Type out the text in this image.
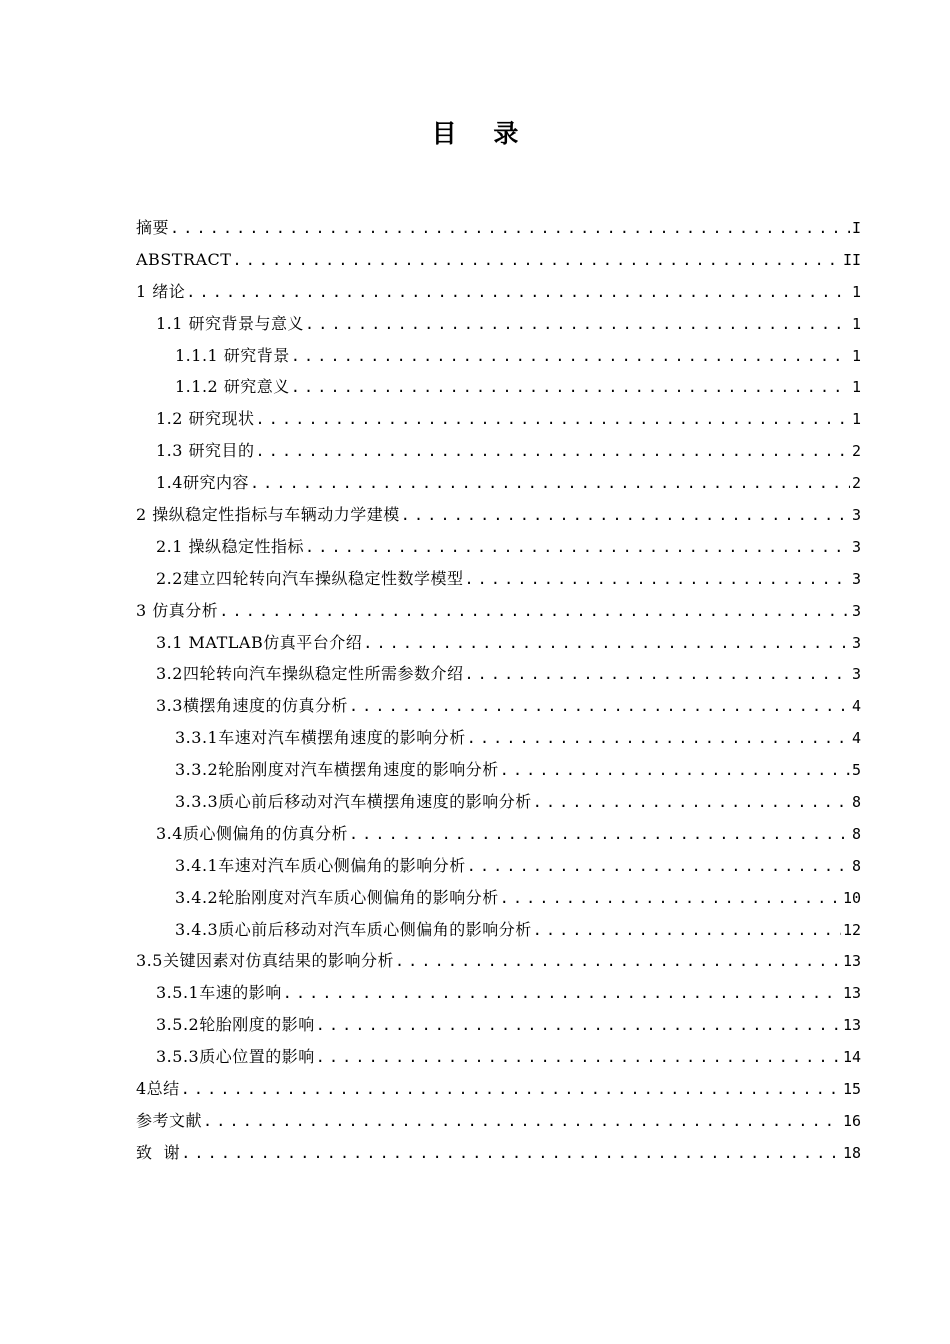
目 录
摘要 .....	I
ABSTRACT .....	II
1 绪论 .....	1
1.1 研究背景与意义 .....	1
1.1.1 研究背景 .....	1
1.1.2 研究意义 .....	1
1.2 研究现状 .....	1
1.3 研究目的 .....	2
1.4研究内容 .....	2
2 操纵稳定性指标与车辆动力学建模 .....	3
2.1 操纵稳定性指标 .....	3
2.2建立四轮转向汽车操纵稳定性数学模型 .....	3
3 仿真分析 .....	3
3.1 MATLAB仿真平台介绍 .....	3
3.2四轮转向汽车操纵稳定性所需参数介绍 .....	3
3.3横摆角速度的仿真分析 .....	4
3.3.1车速对汽车横摆角速度的影响分析 .....	4
3.3.2轮胎刚度对汽车横摆角速度的影响分析 .....	5
3.3.3质心前后移动对汽车横摆角速度的影响分析 .....	8
3.4质心侧偏角的仿真分析 .....	8
3.4.1车速对汽车质心侧偏角的影响分析 .....	8
3.4.2轮胎刚度对汽车质心侧偏角的影响分析 .....	10
3.4.3质心前后移动对汽车质心侧偏角的影响分析 .....	12
3.5关键因素对仿真结果的影响分析 .....	13
3.5.1车速的影响 .....	13
3.5.2轮胎刚度的影响 .....	13
3.5.3质心位置的影响 .....	14
4总结 .....	15
参考文献 .....	16
致  谢 .....	18
